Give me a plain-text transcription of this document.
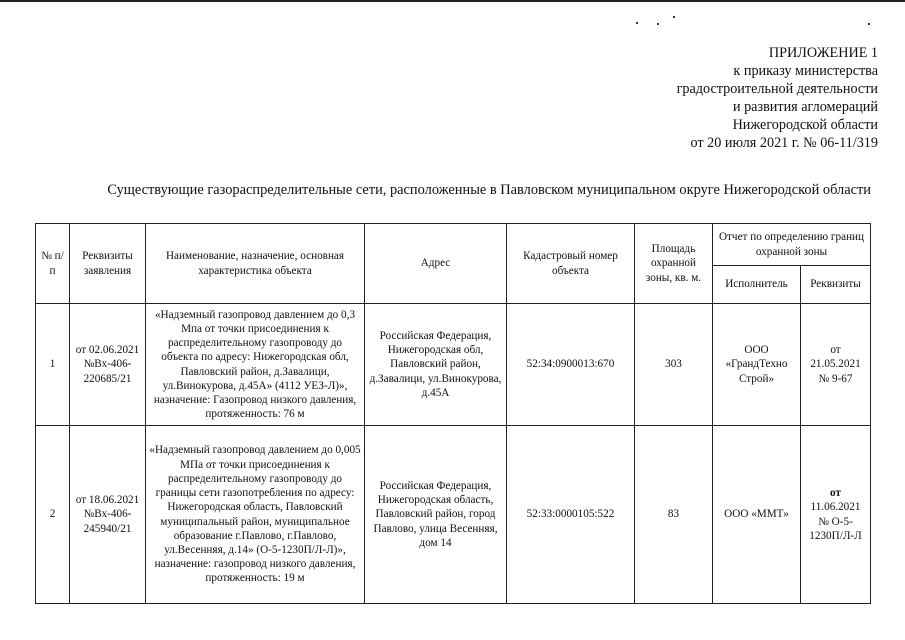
ПРИЛОЖЕНИЕ 1
к приказу министерства
градостроительной деятельности
и развития агломераций
Нижегородской области
от 20 июля 2021 г. № 06-11/319
Существующие газораспределительные сети, расположенные в Павловском муниципальном округе Нижегородской области
№ п/п	Реквизиты заявления	Наименование, назначение, основная характеристика объекта	Адрес	Кадастровый номер объекта	Площадь охранной зоны, кв. м.	Отчет по определению границ охранной зоны	
						Исполнитель	Реквизиты
1	от 02.06.2021 №Вх-406-220685/21	«Надземный газопровод давлением до 0,3 Мпа от точки присоединения к распределительному газопроводу до объекта по адресу: Нижегородская обл, Павловский район, д.Завалици, ул.Винокурова, д.45А» (4112 УЕЗ-Л)», назначение: Газопровод низкого давления, протяженность: 76 м	Российская Федерация, Нижегородская обл, Павловский район, д.Завалици, ул.Винокурова, д.45А	52:34:0900013:670	303	ООО «ГрандТехно Строй»	от 21.05.2021 № 9-67
2	от 18.06.2021 №Вх-406-245940/21	«Надземный газопровод давлением до 0,005 МПа от точки присоединения к распределительному газопроводу до границы сети газопотребления по адресу: Нижегородская область, Павловский муниципальный район, муниципальное образование г.Павлово, г.Павлово, ул.Весенняя, д.14» (О-5-1230П/Л-Л)», назначение: газопровод низкого давления, протяженность: 19 м	Российская Федерация, Нижегородская область, Павловский район, город Павлово, улица Весенняя, дом 14	52:33:0000105:522	83	ООО «ММТ»	от
11.06.2021 № О-5-1230П/Л-Л
